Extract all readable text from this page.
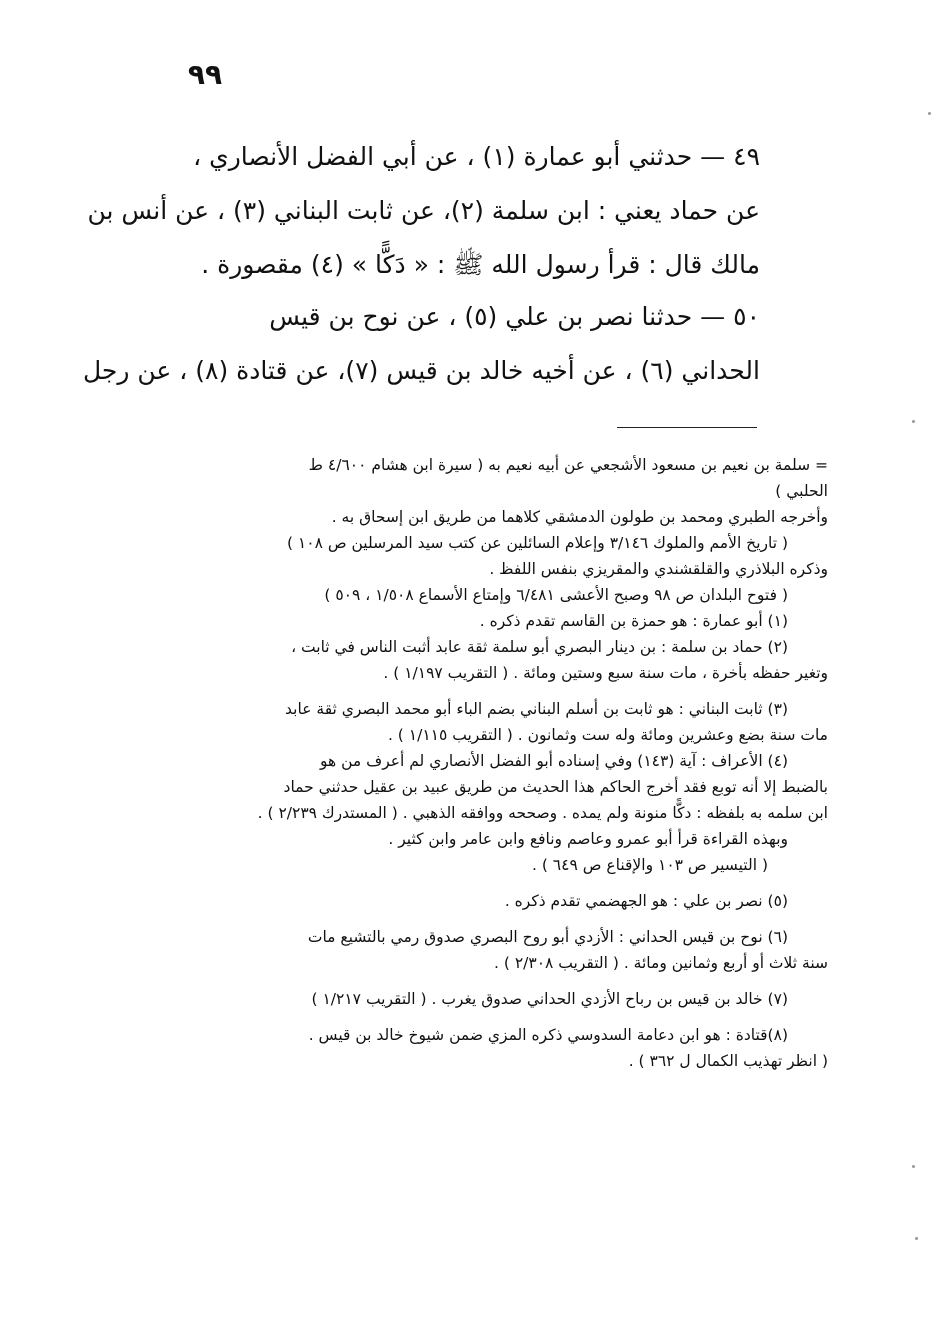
٩٩
٤٩ — حدثني أبو عمارة (١) ، عن أبي الفضل الأنصاري ،
عن حماد يعني : ابن سلمة (٢)، عن ثابت البناني (٣) ، عن أنس بن
مالك قال : قرأ رسول الله ﷺ : « دَكًّا » (٤) مقصورة .
٥٠ — حدثنا نصر بن علي (٥) ، عن نوح بن قيس
الحداني (٦) ، عن أخيه خالد بن قيس (٧)، عن قتادة (٨) ، عن رجل
= سلمة بن نعيم بن مسعود الأشجعي عن أبيه نعيم به ( سيرة ابن هشام ٤/٦٠٠ ط
الحلبي )
وأخرجه الطبري ومحمد بن طولون الدمشقي كلاهما من طريق ابن إسحاق به .
( تاريخ الأمم والملوك ٣/١٤٦ وإعلام السائلين عن كتب سيد المرسلين ص ١٠٨ )
وذكره البلاذري والقلقشندي والمقريزي بنفس اللفظ .
( فتوح البلدان ص ٩٨ وصبح الأعشى ٦/٤٨١ وإمتاع الأسماع ١/٥٠٨ ، ٥٠٩ )
(١) أبو عمارة : هو حمزة بن القاسم تقدم ذكره .
(٢) حماد بن سلمة : بن دينار البصري أبو سلمة ثقة عابد أثبت الناس في ثابت ،
وتغير حفظه بأخرة ، مات سنة سبع وستين ومائة . ( التقريب ١/١٩٧ ) .
(٣) ثابت البناني : هو ثابت بن أسلم البناني بضم الباء أبو محمد البصري ثقة عابد
مات سنة بضع وعشرين ومائة وله ست وثمانون . ( التقريب ١/١١٥ ) .
(٤) الأعراف : آية (١٤٣) وفي إسناده أبو الفضل الأنصاري لم أعرف من هو
بالضبط إلا أنه توبع فقد أخرج الحاكم هذا الحديث من طريق عبيد بن عقيل حدثني حماد
ابن سلمه به بلفظه : دكًّا منونة ولم يمده . وصححه ووافقه الذهبي . ( المستدرك ٢/٢٣٩ ) .
وبهذه القراءة قرأ أبو عمرو وعاصم ونافع وابن عامر وابن كثير .
( التيسير ص ١٠٣ والإقناع ص ٦٤٩ ) .
(٥) نصر بن علي : هو الجهضمي تقدم ذكره .
(٦) نوح بن قيس الحداني : الأزدي أبو روح البصري صدوق رمي بالتشيع مات
سنة ثلاث أو أربع وثمانين ومائة . ( التقريب ٢/٣٠٨ ) .
(٧) خالد بن قيس بن رباح الأزدي الحداني صدوق يغرب . ( التقريب ١/٢١٧ )
(٨)قتادة : هو ابن دعامة السدوسي ذكره المزي ضمن شيوخ خالد بن قيس .
( انظر تهذيب الكمال ل ٣٦٢ ) .
